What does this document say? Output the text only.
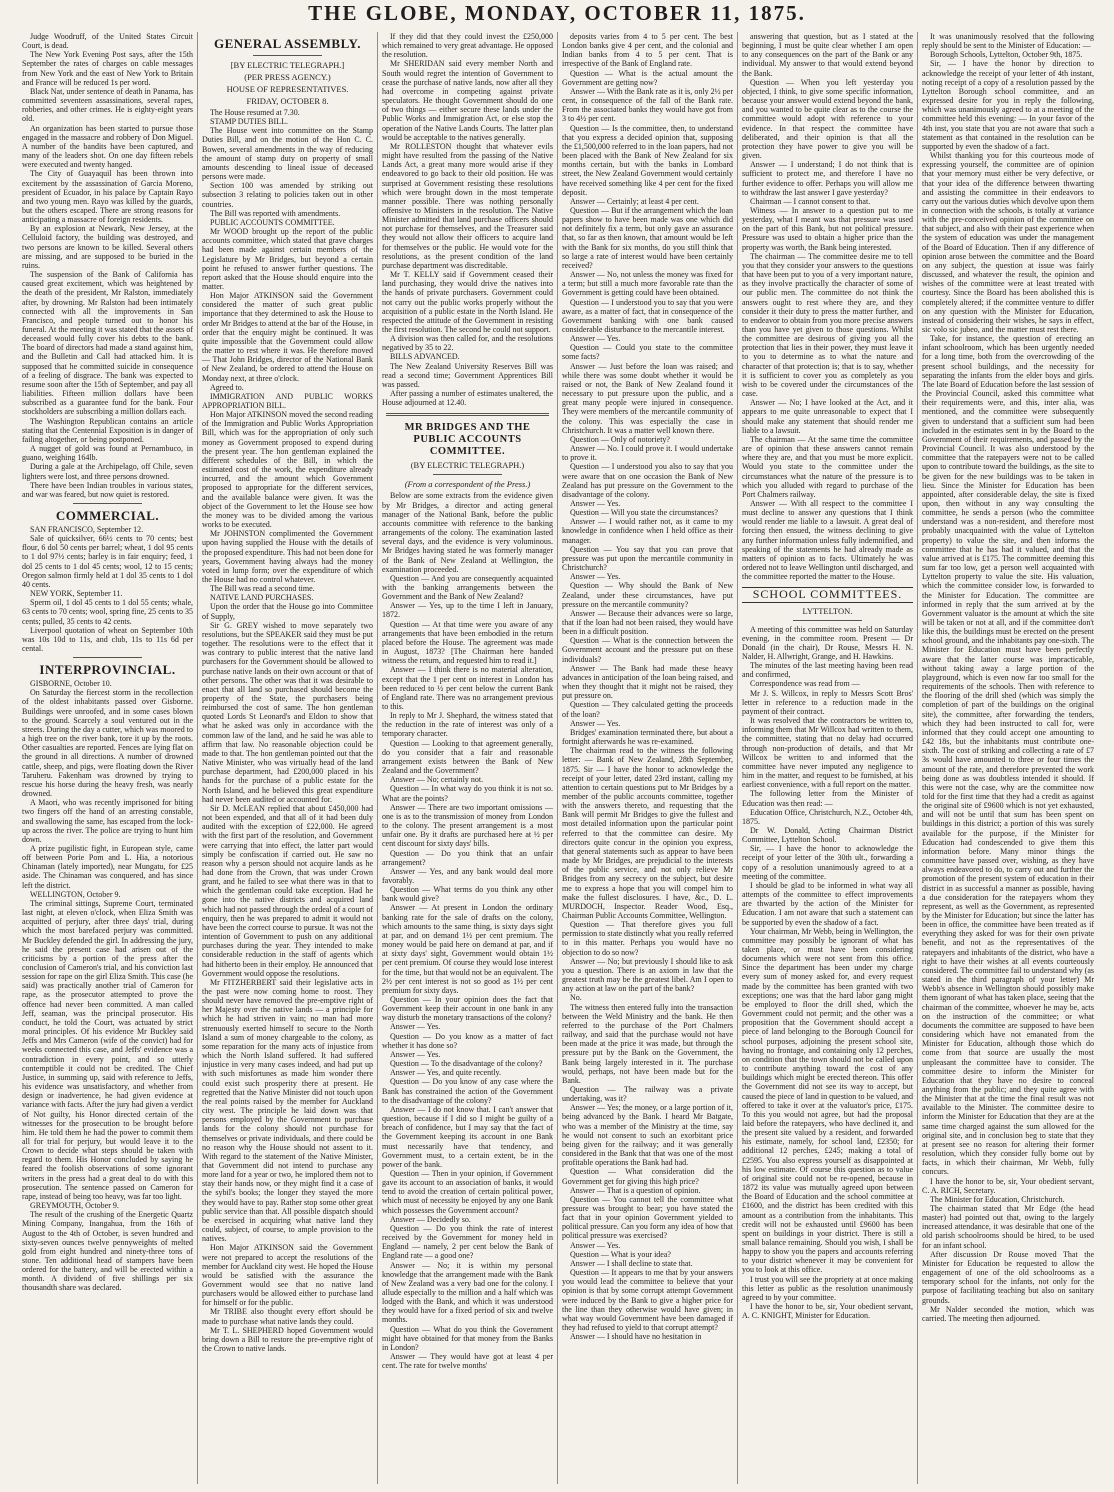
THE GLOBE, MONDAY, OCTOBER 11, 1875.

Judge Woodruff, of the United States Circuit Court, is dead.

The New York Evening Post says, after the 15th September the rates of charges on cable messages from New York and the east of New York to Britain and France will be reduced 1s per word.

Black Nat, under sentence of death in Panama, has committed seventeen assassinations, several rapes, robberies, and other crimes. He is eighty-eight years old.

An organization has been started to pursue those engaged in the massacre and robbery of Don Miguel. A number of the bandits have been captured, and many of the leaders shot. On one day fifteen rebels were executed and twenty hanged.

The City of Guayaquil has been thrown into excitement by the assassination of Garcia Moreno, president of Ecuador, in his palace by Captain Rayo and two young men. Rayo was killed by the guards, but the others escaped. There are strong reasons for anticipating a massacre of foreign residents.

By an explosion at Newark, New Jersey, at the Celluloid factory, the building was destroyed, and two persons are known to be killed. Several others are missing, and are supposed to be buried in the ruins.

The suspension of the Bank of California has caused great excitement, which was heightened by the death of the president, Mr Ralston, immediately after, by drowning. Mr Ralston had been intimately connected with all the improvements in San Francisco, and people turned out to honor his funeral. At the meeting it was stated that the assets of deceased would fully cover his debts to the bank. The board of directors had made a stand against him, and the Bulletin and Call had attacked him. It is supposed that he committed suicide in consequence of a feeling of disgrace. The bank was expected to resume soon after the 15th of September, and pay all liabilities. Fifteen million dollars have been subscribed as a guarantee fund for the bank. Four stockholders are subscribing a million dollars each.

The Washington Republican contains an article stating that the Centennial Exposition is in danger of failing altogether, or being postponed.

A nugget of gold was found at Pernambuco, in guano, weighing 164lb.

During a gale at the Archipelago, off Chile, seven lighters were lost, and three persons drowned.

There have been Indian troubles in various states, and war was feared, but now quiet is restored.

COMMERCIAL.

SAN FRANCISCO, September 12.

Sale of quicksilver, 66½ cents to 70 cents; best flour, 6 dol 50 cents per barrel; wheat, 1 dol 95 cents to 1 dol 97½ cents; barley is in fair enquiry; feed, 1 dol 25 cents to 1 dol 45 cents; wool, 12 to 15 cents; Oregon salmon firmly held at 1 dol 35 cents to 1 dol 40 cents.

NEW YORK, September 11.

Sperm oil, 1 dol 45 cents to 1 dol 55 cents; whale, 63 cents to 70 cents; wool, spring fine, 25 cents to 35 cents; pulled, 35 cents to 42 cents.

Liverpool quotation of wheat on September 10th was 10s 10d to 11s, and club, 11s to 11s 6d per cental.

INTERPROVINCIAL.

GISBORNE, October 10.

On Saturday the fiercest storm in the recollection of the oldest inhabitants passed over Gisborne. Buildings were unroofed, and in some cases blown to the ground. Scarcely a soul ventured out in the streets. During the day a cutter, which was moored to a high tree on the river bank, tore it up by the roots. Other casualties are reported. Fences are lying flat on the ground in all directions. A number of drowned cattle, sheep, and pigs, were floating down the River Taruheru. Fakenham was drowned by trying to rescue his horse during the heavy fresh, was nearly drowned.

A Maori, who was recently imprisoned for biting two fingers off the hand of an arresting constable, and swallowing the same, has escaped from the lock-up across the river. The police are trying to hunt him down.

A prize pugilistic fight, in European style, came off between Porie Pom and L. Hia, a notorious Chinaman (lately imported), near Mungatu, for £25 aside. The Chinaman was conquered, and has since left the district.

WELLINGTON, October 9.

The criminal sittings, Supreme Court, terminated last night, at eleven o'clock, when Eliza Smith was acquitted of perjury, after three days' trial, during which the most barefaced perjury was committed. Mr Buckley defended the girl. In addressing the jury, he said the present case had arisen out of the criticisms by a portion of the press after the conclusion of Cameron's trial, and his conviction last session for rape on the girl Eliza Smith. This case (he said) was practically another trial of Cameron for rape, as the prosecutor attempted to prove the offence had never been committed. A man called Jeff, seaman, was the principal prosecutor. His conduct, he told the Court, was actuated by strict moral principles. Of his evidence Mr Buckley said Jeffs and Mrs Cameron (wife of the convict) had for weeks connected this case, and Jeffs' evidence was a contradiction in every point, and so utterly contemptible it could not be credited. The Chief Justice, in summing up, said with reference to Jeffs, his evidence was unsatisfactory, and whether from design or inadvertence, he had given evidence at variance with facts. After the jury had given a verdict of Not guilty, his Honor directed certain of the witnesses for the prosecution to be brought before him. He told them he had the power to commit them all for trial for perjury, but would leave it to the Crown to decide what steps should be taken with regard to them. His Honor concluded by saying he feared the foolish observations of some ignorant writers in the press had a great deal to do with this prosecution. The sentence passed on Cameron for rape, instead of being too heavy, was far too light.

GREYMOUTH, October 9.

The result of the crushing of the Energetic Quartz Mining Company, Inangahua, from the 16th of August to the 4th of October, is seven hundred and sixty-seven ounces twelve pennyweights of melted gold from eight hundred and ninety-three tons of stone. Ten additional head of stampers have been ordered for the battery, and will be erected within a month. A dividend of five shillings per six thousandth share was declared.

GENERAL ASSEMBLY.
[BY ELECTRIC TELEGRAPH.]
(PER PRESS AGENCY.)
HOUSE OF REPRESENTATIVES.
FRIDAY, OCTOBER 8.

The House resumed at 7.30.

STAMP DUTIES BILL.

The House went into committee on the Stamp Duties Bill, and on the motion of the Hon C. C. Bowen, several amendments in the way of reducing the amount of stamp duty on property of small amounts descending to lineal issue of deceased persons were made.

Section 100 was amended by striking out subsection 3 relating to policies taken out in other countries.

The Bill was reported with amendments.

PUBLIC ACCOUNTS COMMITTEE.

Mr WOOD brought up the report of the public accounts committee, which stated that grave charges had been made against certain members of the Legislature by Mr Bridges, but beyond a certain point he refused to answer further questions. The report asked that the House should enquire into the matter.

Hon Major ATKINSON said the Government considered the matter of such great public importance that they determined to ask the House to order Mr Bridges to attend at the bar of the House, in order that the enquiry might be continued. It was quite impossible that the Government could allow the matter to rest where it was. He therefore moved — That John Bridges, director of the National Bank of New Zealand, be ordered to attend the House on Monday next, at three o'clock.

Agreed to.

IMMIGRATION AND PUBLIC WORKS APPROPRIATION BILL.

Hon Major ATKINSON moved the second reading of the Immigration and Public Works Appropriation Bill, which was for the appropriation of only such money as Government proposed to expend during the present year. The hon gentleman explained the different schedules of the Bill, in which the estimated cost of the work, the expenditure already incurred, and the amount which Government proposed to appropriate for the different services, and the available balance were given. It was the object of the Government to let the House see how the money was to be divided among the various works to be executed.

Mr JOHNSTON complimented the Government upon having supplied the House with the details of the proposed expenditure. This had not been done for years, Government having always had the money voted in lump form; over the expenditure of which the House had no control whatever.

The Bill was read a second time.

NATIVE LAND PURCHASES.

Upon the order that the House go into Committee of Supply,

Sir G. GREY wished to move separately two resolutions, but the SPEAKER said they must be put together. The resolutions were to the effect that it was contrary to public interest that the native land purchasers for the Government should be allowed to purchase native lands on their own account or that of other persons. The other was that it was desirable to enact that all land so purchased should become the property of the State, the purchasers being reimbursed the cost of same. The hon gentleman quoted Lords St Leonard's and Eldon to show that what he asked was only in accordance with the common law of the land, and he said he was able to affirm that law. No reasonable objection could be made to that. The hon gentleman pointed out that the Native Minister, who was virtually head of the land purchase department, had £200,000 placed in his hands for the purchase of a public estate for the North Island, and he believed this great expenditure had never been audited or accounted for.

Sir D. McLEAN replied that about £450,000 had not been expended, and that all of it had been duly audited with the exception of £22,000. He agreed with the first part of the resolution, and Government were carrying that into effect, the latter part would simply be confiscation if carried out. He saw no reason why a person should not acquire lands as he had done from the Crown, that was under Crown grant, and he failed to see what there was in that to which the gentleman could take exception. Had he gone into the native districts and acquired land which had not passed through the ordeal of a court of enquiry, then he was prepared to admit it would not have been the correct course to pursue. It was not the intention of Government to push on any additional purchases during the year. They intended to make considerable reduction in the staff of agents which had hitherto been in their employ. He announced that Government would oppose the resolutions.

Mr FITZHERBERT said their legislative acts in the past were now coming home to roost. They should never have removed the pre-emptive right of her Majesty over the native lands — a principle for which he had striven in vain; no man had more strenuously exerted himself to secure to the North Island a sum of money chargeable to the colony, as some reparation for the many acts of injustice from which the North Island suffered. It had suffered injustice in very many cases indeed, and had put up with such misfortunes as made him wonder there could exist such prosperity there at present. He regretted that the Native Minister did not touch upon the real points raised by the member for Auckland city west. The principle he laid down was that persons employed by the Government to purchase lands for the colony should not purchase for themselves or private individuals, and there could be no reason why the House should not assent to it. With regard to the statement of the Native Minister, that Government did not intend to purchase any more land for a year or two, he implored them not to stay their hands now, or they might find it a case of the sybil's books; the longer they stayed the more they would have to pay. Rather stop some other great public service than that. All possible dispatch should be exercised in acquiring what native land they could, subject, of course, to ample provision to the natives.

Hon Major ATKINSON said the Government were not prepared to accept the resolutions of the member for Auckland city west. He hoped the House would be satisfied with the assurance the Government would see that no native land purchasers would be allowed either to purchase land for himself or for the public.

Mr TRIBE also thought every effort should be made to purchase what native lands they could.

Mr T. L. SHEPHERD hoped Government would bring down a Bill to restore the pre-emptive right of the Crown to native lands.

If they did that they could invest the £250,000 which remained to very great advantage. He opposed the resolution.

Mr SHERIDAN said every member North and South would regret the intention of Government to cease the purchase of native lands, now after all they had overcome in competing against private speculators. He thought Government should do one of two things — either secure these lands under the Public Works and Immigration Act, or else stop the operation of the Native Lands Courts. The latter plan would be acceptable to the natives generally.

Mr ROLLESTON thought that whatever evils might have resulted from the passing of the Native Lands Act, a great many more would arise if they endeavored to go back to their old position. He was surprised at Government resisting these resolutions which were brought down in the most temperate manner possible. There was nothing personally offensive to Ministers in the resolution. The Native Minister admitted that land purchase officers should not purchase for themselves, and the Treasurer said they would not allow their officers to acquire land for themselves or the public. He would vote for the resolutions, as the present condition of the land purchase department was discreditable.

Mr T. KELLY said if Government ceased their land purchasing, they would drive the natives into the hands of private purchasers. Government could not carry out the public works properly without the acquisition of a public estate in the North Island. He respected the attitude of the Government in resisting the first resolution. The second he could not support.

A division was then called for, and the resolutions negatived by 35 to 22.

BILLS ADVANCED.

The New Zealand University Reserves Bill was read a second time; Government Apprentices Bill was passed.

After passing a number of estimates unaltered, the House adjourned at 12.40.

MR BRIDGES AND THE PUBLIC ACCOUNTS COMMITTEE.
(BY ELECTRIC TELEGRAPH.)
(From a correspondent of the Press.)

Below are some extracts from the evidence given by Mr Bridges, a director and acting general manager of the National Bank, before the public accounts committee with reference to the banking arrangements of the colony. The examination lasted several days, and the evidence is very voluminous. Mr Bridges having stated he was formerly manager of the Bank of New Zealand at Wellington, the examination proceeded.

Question — And you are consequently acquainted with the banking arrangements between the Government and the Bank of New Zealand?

Answer — Yes, up to the time I left in January, 1872.

Question — At that time were you aware of any arrangements that have been embodied in the return placed before the House. The agreement was made in August, 1873? [The Chairman here handed witness the return, and requested him to read it.]

Answer — I think there is no material alteration, except that the 1 per cent on interest in London has been reduced to ½ per cent below the current Bank of England rate. There was no arrangement previous to this.

In reply to Mr J. Shephard, the witness stated that the reduction in the rate of interest was only of a temporary character.

Question — Looking to that agreement generally, do you consider that a fair and reasonable arrangement exists between the Bank of New Zealand and the Government?

Answer — No; certainly not.

Question — In what way do you think it is not so. What are the points?

Answer — There are two important omissions — one is as to the transmission of money from London to the colony. The present arrangement is a most unfair one. By it drafts are purchased here at ½ per cent discount for sixty days' bills.

Question — Do you think that an unfair arrangement?

Answer — Yes, and any bank would deal more favorably.

Question — What terms do you think any other bank would give?

Answer — At present in London the ordinary banking rate for the sale of drafts on the colony, which amounts to the same thing, is sixty days sight at par, and on demand 1½ per cent premium. The money would be paid here on demand at par, and if at sixty days' sight, Government would obtain 1½ per cent premium. Of course they would lose interest for the time, but that would not be an equivalent. The 2½ per cent interest is not so good as 1½ per cent premium for sixty days.

Question — In your opinion does the fact that Government keep their account in one bank in any way disturb the monetary transactions of the colony?

Answer — Yes.

Question — Do you know as a matter of fact whether it has done so?

Answer — Yes.

Question — To the disadvantage of the colony?

Answer — Yes, and quite recently.

Question — Do you know of any case where the Bank has constrained the action of the Government to the disadvantage of the colony?

Answer — I do not know that. I can't answer that question, because if I did so I might be guilty of a breach of confidence, but I may say that the fact of the Government keeping its account in one Bank must necessarily have that tendency, and Government must, to a certain extent, be in the power of the bank.

Question — Then in your opinion, if Government gave its account to an association of banks, it would tend to avoid the creation of certain political power, which must of necessity be enjoyed by any one Bank which possesses the Government account?

Answer — Decidedly so.

Question — Do you think the rate of interest received by the Government for money held in England — namely, 2 per cent below the Bank of England rate — a good one?

Answer — No; it is within my personal knowledge that the arrangement made with the Bank of New Zealand was a very bad one for the colony. I allude especially to the million and a half which was lodged with the Bank, and which it was understood they would have for a fixed period of six and twelve months.

Question — What do you think the Government might have obtained for that money from the Banks in London?

Answer — They would have got at least 4 per cent. The rate for twelve months'

deposits varies from 4 to 5 per cent. The best London banks give 4 per cent, and the colonial and Indian banks from 4 to 5 per cent. That is irrespective of the Bank of England rate.

Question — What is the actual amount the Government are getting now?

Answer — With the Bank rate as it is, only 2½ per cent, in consequence of the fall of the Bank rate. From the associated banks they would have got from 3 to 4½ per cent.

Question — Is the committee, then, to understand that you express a decided opinion that, supposing the £1,500,000 referred to in the loan papers, had not been placed with the Bank of New Zealand for six months certain, but with the banks in Lombard street, the New Zealand Government would certainly have received something like 4 per cent for the fixed deposit.

Answer — Certainly; at least 4 per cent.

Question — But if the arrangement which the loan papers show to have been made was one which did not definitely fix a term, but only gave an assurance that, so far as then known, that amount would be left with the Bank for six months, do you still think that so large a rate of interest would have been certainly received?

Answer — No, not unless the money was fixed for a term; but still a much more favorable rate than the Government is getting could have been obtained.

Question — I understood you to say that you were aware, as a matter of fact, that in consequence of the Government banking with one bank caused considerable disturbance to the mercantile interest.

Answer — Yes.

Question — Could you state to the committee some facts?

Answer — Just before the loan was raised; and while there was some doubt whether it would be raised or not, the Bank of New Zealand found it necessary to put pressure upon the public, and a great many people were injured in consequence. They were members of the mercantile community of the colony. This was especially the case in Christchurch. It was a matter well known there.

Question — Only of notoriety?

Answer — No. I could prove it. I would undertake to prove it.

Question — I understood you also to say that you were aware that on one occasion the Bank of New Zealand has put pressure on the Government to the disadvantage of the colony.

Answer — Yes.

Question — Will you state the circumstances?

Answer — I would rather not, as it came to my knowledge in confidence when I held office as their manager.

Question — You say that you can prove that pressure was put upon the mercantile community in Christchurch?

Answer — Yes.

Question — Why should the Bank of New Zealand, under these circumstances, have put pressure on the mercantile community?

Answer — Because their advances were so large, that if the loan had not been raised, they would have been in a difficult position.

Question — What is the connection between the Government account and the pressure put on these individuals?

Answer — The Bank had made these heavy advances in anticipation of the loan being raised, and when they thought that it might not be raised, they put pressure on.

Question — They calculated getting the proceeds of the loan?

Answer — Yes.

Bridges' examination terminated there, but about a fortnight afterwards he was re-examined.

The chairman read to the witness the following letter: — Bank of New Zealand, 28th September, 1875. Sir — I have the honor to acknowledge the receipt of your letter, dated 23rd instant, calling my attention to certain questions put to Mr Bridges by a member of the public accounts committee, together with the answers thereto, and requesting that the Bank will permit Mr Bridges to give the fullest and most detailed information upon the particular point referred to that the committee can desire. My directors quite concur in the opinion you express, that general statements such as appear to have been made by Mr Bridges, are prejudicial to the interests of the public service, and not only relieve Mr Bridges from any secrecy on the subject, but desire me to express a hope that you will compel him to make the fullest disclosures. I have, &c., D. L. MURDOCH, Inspector. Reader Wood, Esq., Chairman Public Accounts Committee, Wellington.

Question — That therefore gives you full permission to state distinctly what you really referred to in this matter. Perhaps you would have no objection to do so now?

Answer — No; but previously I should like to ask you a question. There is an axiom in law that the greatest truth may be the greatest libel. Am I open to any action at law on the part of the bank?

No.

The witness then entered fully into the transaction between the Weld Ministry and the bank. He then referred to the purchase of the Port Chalmers railway, and said that the purchase would not have been made at the price it was made, but through the pressure put by the Bank on the Government, the Bank being largely interested in it. The purchase would, perhaps, not have been made but for the Bank.

Question — The railway was a private undertaking, was it?

Answer — Yes; the money, or a large portion of it, being advanced by the Bank. I heard Mr Batgate, who was a member of the Ministry at the time, say he would not consent to such an exorbitant price being given for the railway; and it was generally considered in the Bank that that was one of the most profitable operations the Bank had had.

Question — What consideration did the Government get for giving this high price?

Answer — That is a question of opinion.

Question — You cannot tell the committee what pressure was brought to bear; you have stated the fact that in your opinion Government yielded to political pressure. Can you form any idea of how that political pressure was exercised?

Answer — Yes.

Question — What is your idea?

Answer — I shall decline to state that.

Question — It appears to me that by your answers you would lead the committee to believe that your opinion is that by some corrupt attempt Government were induced by the Bank to give a higher price for the line than they otherwise would have given; in what way would Government have been damaged if they had refused to yield to that corrupt attempt?

Answer — I should have no hesitation in

answering that question, but as I stated at the beginning, I must be quite clear whether I am open to any consequences on the part of the Bank or any individual. My answer to that would extend beyond the Bank.

Question — When you left yesterday you objected, I think, to give some specific information, because your answer would extend beyond the bank, and you wanted to be quite clear as to the course the committee would adopt with reference to your evidence. In that respect the committee have deliberated, and their opinion is that all the protection they have power to give you will be given.

Answer — I understand; I do not think that is sufficient to protect me, and therefore I have no further evidence to offer. Perhaps you will allow me to withdraw the last answer I gave yesterday?

Chairman — I cannot consent to that.

Witness — In answer to a question put to me yesterday, what I meant was that pressure was used on the part of this Bank, but not political pressure. Pressure was used to obtain a higher price than the property was worth, the Bank being interested.

The chairman — The committee desire me to tell you that they consider your answers to the questions that have been put to you of a very important nature, as they involve practically the character of some of our public men. The committee do not think the answers ought to rest where they are, and they consider it their duty to press the matter further, and to endeavor to obtain from you more precise answers than you have yet given to those questions. Whilst the committee are desirous of giving you all the protection that lies in their power, they must leave it to you to determine as to what the nature and character of that protection is; that is to say, whether it is sufficient to cover you as completely as you wish to be covered under the circumstances of the case.

Answer — No; I have looked at the Act, and it appears to me quite unreasonable to expect that I should make any statement that should render me liable to a lawsuit.

The chairman — At the same time the committee are of opinion that these answers cannot remain where they are, and that you must be more explicit. Would you state to the committee under the circumstances what the nature of the pressure is to which you alluded with regard to purchase of the Port Chalmers railway.

Answer — With all respect to the committee I must decline to answer any questions that I think would render me liable to a lawsuit. A great deal of forcing then ensued, the witness declining to give any further information unless fully indemnified, and speaking of the statements he had already made as matters of opinion as to facts. Ultimately he was ordered not to leave Wellington until discharged, and the committee reported the matter to the House.

SCHOOL COMMITTEES.
LYTTELTON.

A meeting of this committee was held on Saturday evening, in the committee room. Present — Dr Donald (in the chair), Dr Rouse, Messrs H. N. Nalder, H. Allwright, Grange, and H. Hawkins.

The minutes of the last meeting having been read and confirmed,

Correspondence was read from —

Mr J. S. Willcox, in reply to Messrs Scott Bros' letter in reference to a reduction made in the payment of their contract.

It was resolved that the contractors be written to, informing them that Mr Willcox had written to them, the committee, stating that no delay had occurred through non-production of details, and that Mr Willcox be written to and informed that the committee have never imputed any negligence to him in the matter, and request to be furnished, at his earliest convenience, with a full report on the matter.

The following letter from the Minister of Education was then read: —

Education Office, Christchurch, N.Z., October 4th, 1875.

Dr W. Donald, Acting Chairman District Committee, Lyttelton School.

Sir, — I have the honor to acknowledge the receipt of your letter of the 30th ult., forwarding a copy of a resolution unanimously agreed to at a meeting of the committee.

I should be glad to be informed in what way all attempts of the committee to effect improvements are thwarted by the action of the Minister for Education. I am not aware that such a statement can be supported by even the shadow of a fact.

Your chairman, Mr Webb, being in Wellington, the committee may possibly be ignorant of what has taken place, or must have been considering documents which were not sent from this office. Since the department has been under my charge every sum of money asked for, and every request made by the committee has been granted with two exceptions; one was that the hard labor gang might be employed to floor the drill shed, which the Government could not permit; and the other was a proposition that the Government should accept a piece of land belonging to the Borough Council for school purposes, adjoining the present school site, having no frontage, and containing only 12 perches, on condition that the town should not be called upon to contribute anything toward the cost of any buildings which might be erected thereon. This offer the Government did not see its way to accept, but caused the piece of land in question to be valued, and offered to take it over at the valuator's price, £175. To this you would not agree, but had the proposal laid before the ratepayers, who have declined it, and the present site valued by a resident, and forwarded his estimate, namely, for school land, £2350; for additional 12 perches, £245; making a total of £2595. You also express yourself as disappointed at his low estimate. Of course this question as to value of original site could not be re-opened, because in 1872 its value was mutually agreed upon between the Board of Education and the school committee at £1600, and the district has been credited with this amount as a contribution from the inhabitants. This credit will not be exhausted until £9600 has been spent on buildings in your district. There is still a small balance remaining. Should you wish, I shall be happy to show you the papers and accounts referring to your district whenever it may be convenient for you to look at this office.

I trust you will see the propriety at at once making this letter as public as the resolution unanimously agreed to by your committee.

I have the honor to be, sir, Your obedient servant, A. C. KNIGHT, Minister for Education.

It was unanimously resolved that the following reply should be sent to the Minister of Education: —

Borough Schools, Lyttelton, October 9th, 1875.

Sir, — I have the honor by direction to acknowledge the receipt of your letter of 4th instant, noting receipt of a copy of a resolution passed by the Lyttelton Borough school committee, and an expressed desire for you in reply the following, which was unanimously agreed to at a meeting of the committee held this evening: — In your favor of the 4th inst, you state that you are not aware that such a statement as that contained in the resolution can be supported by even the shadow of a fact.

Whilst thanking you for this courteous mode of expressing yourself, the committee are of opinion that your memory must either be very defective, or that your idea of the difference between thwarting and assisting the committee in their endeavors to carry out the various duties which devolve upon them in connection with the schools, is totally at variance with the pre-conceived opinion of the committee on that subject, and also with their past experience when the system of education was under the management of the Board of Education. Then if any difference of opinion arose between the committee and the Board on any subject, the question at issue was fairly discussed, and whatever the result, the opinion and wishes of the committee were at least treated with courtesy. Since the Board has been abolished this is completely altered; if the committee venture to differ on any question with the Minister for Education, instead of considering their wishes, he says in effect, sic volo sic jubeo, and the matter must rest there.

Take, for instance, the question of erecting an infant schoolroom, which has been urgently needed for a long time, both from the overcrowding of the present school buildings, and the necessity for separating the infants from the elder boys and girls. The late Board of Education before the last session of the Provincial Council, asked this committee what their requirements were, and this, inter alia, was mentioned, and the committee were subsequently given to understand that a sufficient sum had been included in the estimates sent in by the Board to the Government of their requirements, and passed by the Provincial Council. It was also understood by the committee that the ratepayers were not to be called upon to contribute toward the buildings, as the site to be given for the new buildings was to be taken in lieu. Since the Minister for Education has been appointed, after considerable delay, the site is fixed upon, then without in any way consulting the committee, he sends a person (who the committee understand was a non-resident, and therefore most probably unacquainted with the value of Lyttelton property) to value the site, and then informs the committee that he has had it valued, and that the value arrived at is £175. The committee deeming this sum far too low, get a person well acquainted with Lyttelton property to value the site. His valuation, which the committee consider low, is forwarded to the Minister for Education. The committee are informed in reply that the sum arrived at by the Government valuator is the amount at which the site will be taken or not at all, and if the committee don't like this, the buildings must be erected on the present school ground, and the inhabitants pay one-sixth. The Minister for Education must have been perfectly aware that the latter course was impracticable, without taking away a large portion of the playground, which is even now far too small for the requirements of the schools. Then with reference to the flooring of the drill shed (which was simply the completion of part of the buildings on the original site), the committee, after forwarding the tenders, which they had been instructed to call for, were informed that they could accept one amounting to £42 18s, but the inhabitants must contribute one-sixth. The cost of striking and collecting a rate of £7 3s would have amounted to three or four times the amount of the rate, and therefore prevented the work being done as was doubtless intended it should. If this were not the case, why are the committee now told for the first time that they had a credit as against the original site of £9600 which is not yet exhausted, and will not be until that sum has been spent on buildings in this district; a portion of this was surely available for the purpose, if the Minister for Education had condescended to give them this information before. Many minor things the committee have passed over, wishing, as they have always endeavored to do, to carry out and further the promotion of the present system of education in their district in as successful a manner as possible, having a due consideration for the ratepayers whom they represent, as well as the Government, as represented by the Minister for Education; but since the latter has been in office, the committee have been treated as if everything they asked for was for their own private benefit, and not as the representatives of the ratepayers and inhabitants of the district, who have a right to have their wishes at all events courteously considered. The committee fail to understand why (as stated in the third paragraph of your letter) Mr Webb's absence in Wellington should possibly make them ignorant of what has taken place, seeing that the chairman of the committee, whoever he may be, acts on the instruction of the committee; or what documents the committee are supposed to have been considering which have not emanated from the Minister for Education, although those which do come from that source are usually the most unpleasant the committee have to consider. The committee desire to inform the Minister for Education that they have no desire to conceal anything from the public; and they quite agree with the Minister that at the time the final result was not available to the Minister. The committee desire to inform the Minister for Education that they are at the same time charged against the sum allowed for the original site, and in conclusion beg to state that they at present see no reason for altering their former resolution, which they consider fully borne out by facts, in which their chairman, Mr Webb, fully concurs.

I have the honor to be, sir, Your obedient servant, C. A. RICH, Secretary.

The Minister for Education, Christchurch.

The chairman stated that Mr Edge (the head master) had pointed out that, owing to the largely increased attendance, it was desirable that one of the old parish schoolrooms should be hired, to be used for an infant school.

After discussion Dr Rouse moved That the Minister for Education be requested to allow the engagement of one of the old schoolrooms as a temporary school for the infants, not only for the purpose of facilitating teaching but also on sanitary grounds.

Mr Nalder seconded the motion, which was carried. The meeting then adjourned.
